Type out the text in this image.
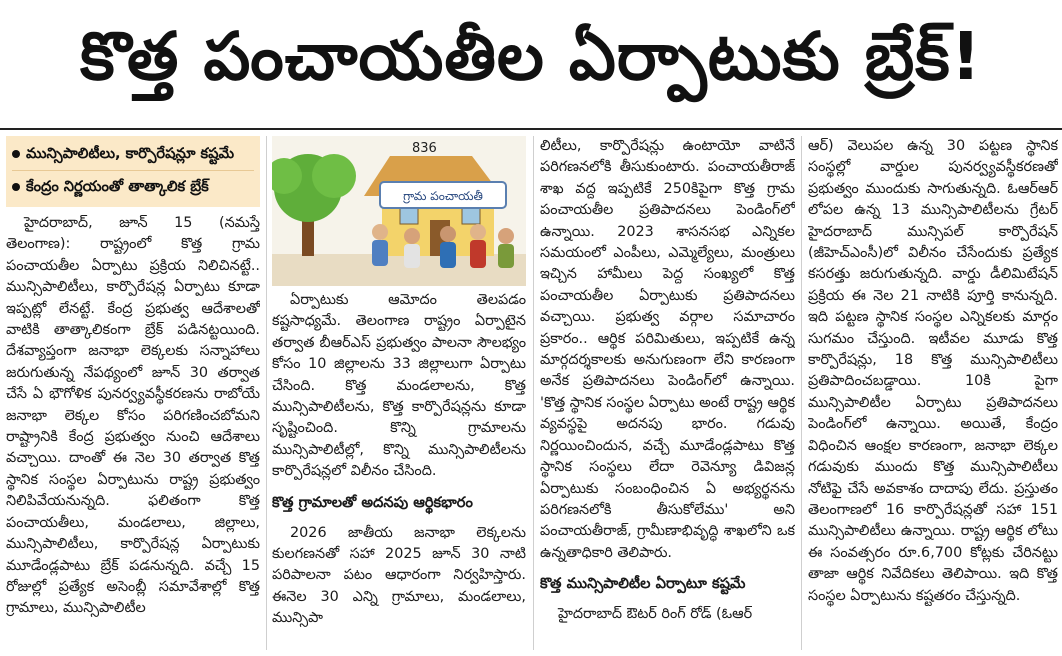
కొత్త పంచాయతీల ఏర్పాటుకు బ్రేక్!
మున్సిపాలిటీలు, కార్పొరేషన్లూ కష్టమే
కేంద్రం నిర్ణయంతో తాత్కాలిక బ్రేక్

హైదరాబాద్, జూన్ 15 (నమస్తే తెలంగాణ): రాష్ట్రంలో కొత్త గ్రామ పంచాయతీల ఏర్పాటు ప్రక్రియ నిలిచినట్టే.. మున్సిపాలిటీలు, కార్పొరేషన్ల ఏర్పాటు కూడా ఇప్పట్లో లేనట్టే. కేంద్ర ప్రభుత్వ ఆదేశాలతో వాటికి తాత్కాలికంగా బ్రేక్ పడినట్టయింది. దేశవ్యాప్తంగా జనాభా లెక్కలకు సన్నాహాలు జరుగుతున్న నేపథ్యంలో జూన్ 30 తర్వాత చేసే ఏ భౌగోళిక పునర్వ్యవస్థీకరణను రాబోయే జనాభా లెక్కల కోసం పరిగణించబోమని రాష్ట్రానికి కేంద్ర ప్రభుత్వం నుంచి ఆదేశాలు వచ్చాయి. దాంతో ఈ నెల 30 తర్వాత కొత్త స్థానిక సంస్థల ఏర్పాటును రాష్ట్ర ప్రభుత్వం నిలిపివేయనున్నది. ఫలితంగా కొత్త పంచాయతీలు, మండలాలు, జిల్లాలు, మున్సిపాలిటీలు, కార్పొరేషన్ల ఏర్పాటుకు మూడేండ్లపాటు బ్రేక్ పడనున్నది. వచ్చే 15 రోజుల్లో ప్రత్యేక అసెంబ్లీ సమావేశాల్లో కొత్త గ్రామాలు, మున్సిపాలిటీల

836
గ్రామ పంచాయతీ

ఏర్పాటుకు ఆమోదం తెలపడం కష్టసాధ్యమే. తెలంగాణ రాష్ట్రం ఏర్పాటైన తర్వాత బీఆర్ఎస్ ప్రభుత్వం పాలనా సౌలభ్యం కోసం 10 జిల్లాలను 33 జిల్లాలుగా ఏర్పాటు చేసింది. కొత్త మండలాలను, కొత్త మున్సిపాలిటీలను, కొత్త కార్పొరేషన్లను కూడా సృష్టించింది. కొన్ని గ్రామాలను మున్సిపాలిటీల్లో, కొన్ని మున్సిపాలిటీలను కార్పొరేషన్లలో విలీనం చేసింది.

కొత్త గ్రామాలతో అదనపు ఆర్థికభారం

2026 జాతీయ జనాభా లెక్కలను కులగణనతో సహా 2025 జూన్ 30 నాటి పరిపాలనా పటం ఆధారంగా నిర్వహిస్తారు. ఈనెల 30 ఎన్ని గ్రామాలు, మండలాలు, మున్సిపా

లిటీలు, కార్పొరేషన్లు ఉంటాయో వాటినే పరిగణనలోకి తీసుకుంటారు. పంచాయతీరాజ్ శాఖ వద్ద ఇప్పటికే 250కిపైగా కొత్త గ్రామ పంచాయతీల ప్రతిపాదనలు పెండింగ్‌లో ఉన్నాయి. 2023 శాసనసభ ఎన్నికల సమయంలో ఎంపీలు, ఎమ్మెల్యేలు, మంత్రులు ఇచ్చిన హామీలు పెద్ద సంఖ్యలో కొత్త పంచాయతీల ఏర్పాటుకు ప్రతిపాదనలు వచ్చాయి. ప్రభుత్వ వర్గాల సమాచారం ప్రకారం.. ఆర్థిక పరిమితులు, ఇప్పటికే ఉన్న మార్గదర్శకాలకు అనుగుణంగా లేని కారణంగా అనేక ప్రతిపాదనలు పెండింగ్‌లో ఉన్నాయి. 'కొత్త స్థానిక సంస్థల ఏర్పాటు అంటే రాష్ట్ర ఆర్థిక వ్యవస్థపై అదనపు భారం. గడువు నిర్ణయించిందున, వచ్చే మూడేండ్లపాటు కొత్త స్థానిక సంస్థలు లేదా రెవెన్యూ డివిజన్ల ఏర్పాటుకు సంబంధించిన ఏ అభ్యర్థనను పరిగణనలోకి తీసుకోలేము' అని పంచాయతీరాజ్, గ్రామీణాభివృద్ధి శాఖలోని ఒక ఉన్నతాధికారి తెలిపారు.

కొత్త మున్సిపాలిటీల ఏర్పాటూ కష్టమే

హైదరాబాద్ ఔటర్ రింగ్ రోడ్ (ఓఆర్

ఆర్) వెలుపల ఉన్న 30 పట్టణ స్థానిక సంస్థల్లో వార్డుల పునర్వ్యవస్థీకరణతో ప్రభుత్వం ముందుకు సాగుతున్నది. ఓఆర్ఆర్ లోపల ఉన్న 13 మున్సిపాలిటీలను గ్రేటర్ హైదరాబాద్ మున్సిపల్ కార్పొరేషన్ (జీహెచ్ఎంసీ)లో విలీనం చేసేందుకు ప్రత్యేక కసరత్తు జరుగుతున్నది. వార్డు డీలిమిటేషన్ ప్రక్రియ ఈ నెల 21 నాటికి పూర్తి కానున్నది. ఇది పట్టణ స్థానిక సంస్థల ఎన్నికలకు మార్గం సుగమం చేస్తుంది. ఇటీవల మూడు కొత్త కార్పొరేషన్లు, 18 కొత్త మున్సిపాలిటీలు ప్రతిపాదించబడ్డాయి. 10కి పైగా మున్సిపాలిటీల ఏర్పాటు ప్రతిపాదనలు పెండింగ్‌లో ఉన్నాయి. అయితే, కేంద్రం విధించిన ఆంక్షల కారణంగా, జనాభా లెక్కల గడువుకు ముందు కొత్త మున్సిపాలిటీలు నోటిఫై చేసే అవకాశం దాదాపు లేదు. ప్రస్తుతం తెలంగాణలో 16 కార్పొరేషన్లతో సహా 151 మున్సిపాలిటీలు ఉన్నాయి. రాష్ట్ర ఆర్థిక లోటు ఈ సంవత్సరం రూ.6,700 కోట్లకు చేరినట్టు తాజా ఆర్థిక నివేదికలు తెలిపాయి. ఇది కొత్త సంస్థల ఏర్పాటును కష్టతరం చేస్తున్నది.
